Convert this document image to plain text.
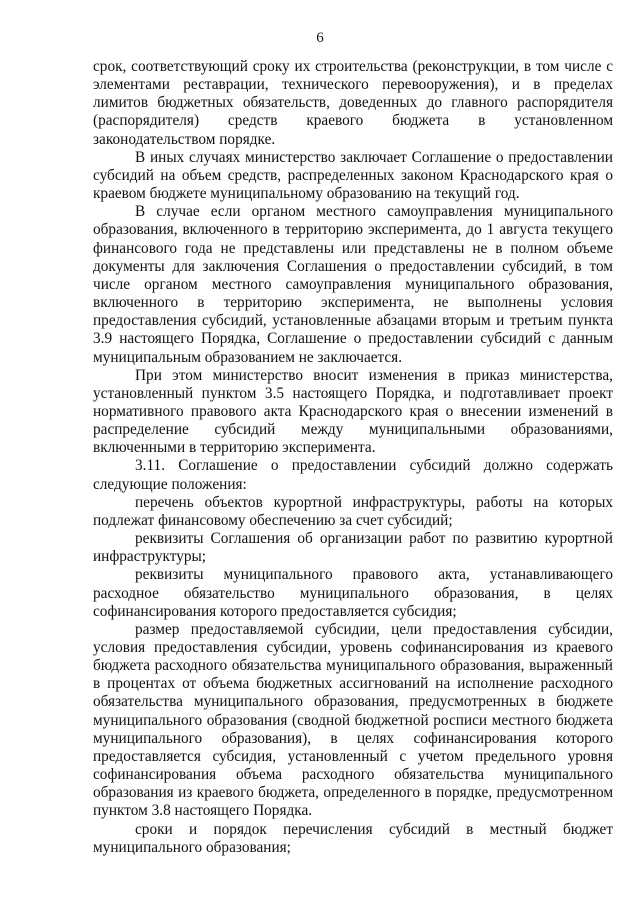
6

срок, соответствующий сроку их строительства (реконструкции, в том числе с элементами реставрации, технического перевооружения), и в пределах лимитов бюджетных обязательств, доведенных до главного распорядителя (распорядителя) средств краевого бюджета в установленном законодательством порядке.

В иных случаях министерство заключает Соглашение о предоставлении субсидий на объем средств, распределенных законом Краснодарского края о краевом бюджете муниципальному образованию на текущий год.

В случае если органом местного самоуправления муниципального образования, включенного в территорию эксперимента, до 1 августа текущего финансового года не представлены или представлены не в полном объеме документы для заключения Соглашения о предоставлении субсидий, в том числе органом местного самоуправления муниципального образования, включенного в территорию эксперимента, не выполнены условия предоставления субсидий, установленные абзацами вторым и третьим пункта 3.9 настоящего Порядка, Соглашение о предоставлении субсидий с данным муниципальным образованием не заключается.

При этом министерство вносит изменения в приказ министерства, установленный пунктом 3.5 настоящего Порядка, и подготавливает проект нормативного правового акта Краснодарского края о внесении изменений в распределение субсидий между муниципальными образованиями, включенными в территорию эксперимента.

3.11. Соглашение о предоставлении субсидий должно содержать следующие положения:

перечень объектов курортной инфраструктуры, работы на которых подлежат финансовому обеспечению за счет субсидий;

реквизиты Соглашения об организации работ по развитию курортной инфраструктуры;

реквизиты муниципального правового акта, устанавливающего расходное обязательство муниципального образования, в целях софинансирования которого предоставляется субсидия;

размер предоставляемой субсидии, цели предоставления субсидии, условия предоставления субсидии, уровень софинансирования из краевого бюджета расходного обязательства муниципального образования, выраженный в процентах от объема бюджетных ассигнований на исполнение расходного обязательства муниципального образования, предусмотренных в бюджете муниципального образования (сводной бюджетной росписи местного бюджета муниципального образования), в целях софинансирования которого предоставляется субсидия, установленный с учетом предельного уровня софинансирования объема расходного обязательства муниципального образования из краевого бюджета, определенного в порядке, предусмотренном пунктом 3.8 настоящего Порядка.

сроки и порядок перечисления субсидий в местный бюджет муниципального образования;
